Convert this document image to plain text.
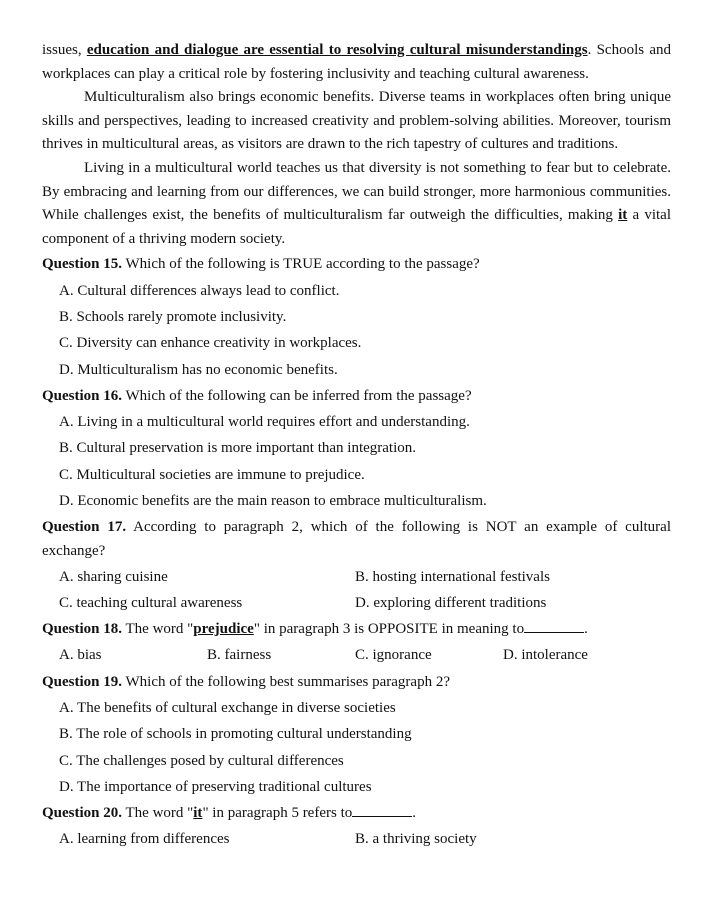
issues, education and dialogue are essential to resolving cultural misunderstandings. Schools and workplaces can play a critical role by fostering inclusivity and teaching cultural awareness.

Multiculturalism also brings economic benefits. Diverse teams in workplaces often bring unique skills and perspectives, leading to increased creativity and problem-solving abilities. Moreover, tourism thrives in multicultural areas, as visitors are drawn to the rich tapestry of cultures and traditions.

Living in a multicultural world teaches us that diversity is not something to fear but to celebrate. By embracing and learning from our differences, we can build stronger, more harmonious communities. While challenges exist, the benefits of multiculturalism far outweigh the difficulties, making it a vital component of a thriving modern society.

Question 15. Which of the following is TRUE according to the passage?

A. Cultural differences always lead to conflict.

B. Schools rarely promote inclusivity.

C. Diversity can enhance creativity in workplaces.

D. Multiculturalism has no economic benefits.

Question 16. Which of the following can be inferred from the passage?

A. Living in a multicultural world requires effort and understanding.

B. Cultural preservation is more important than integration.

C. Multicultural societies are immune to prejudice.

D. Economic benefits are the main reason to embrace multiculturalism.

Question 17. According to paragraph 2, which of the following is NOT an example of cultural exchange?

A. sharing cuisine	B. hosting international festivals
C. teaching cultural awareness	D. exploring different traditions

Question 18. The word "prejudice" in paragraph 3 is OPPOSITE in meaning to	.

A. bias	B. fairness	C. ignorance	D. intolerance

Question 19. Which of the following best summarises paragraph 2?

A. The benefits of cultural exchange in diverse societies

B. The role of schools in promoting cultural understanding

C. The challenges posed by cultural differences

D. The importance of preserving traditional cultures

Question 20. The word "it" in paragraph 5 refers to	.

A. learning from differences	B. a thriving society
